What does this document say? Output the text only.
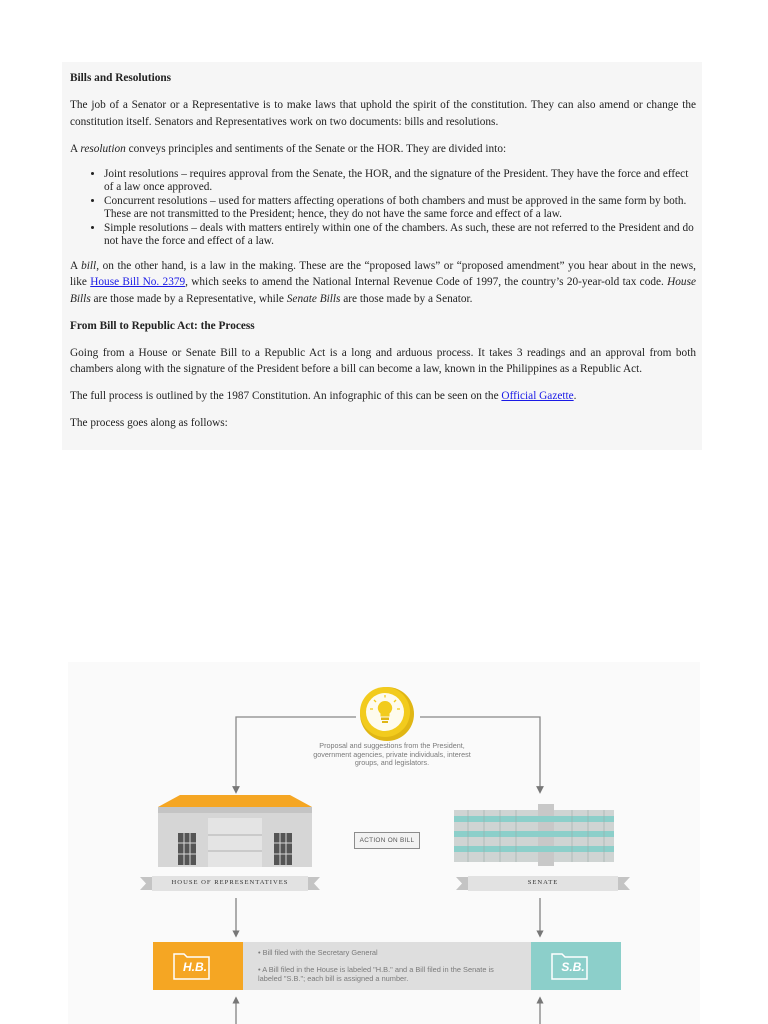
Bills and Resolutions

The job of a Senator or a Representative is to make laws that uphold the spirit of the constitution. They can also amend or change the constitution itself. Senators and Representatives work on two documents: bills and resolutions.

A resolution conveys principles and sentiments of the Senate or the HOR. They are divided into:

• Joint resolutions – requires approval from the Senate, the HOR, and the signature of the President. They have the force and effect of a law once approved.
• Concurrent resolutions – used for matters affecting operations of both chambers and must be approved in the same form by both. These are not transmitted to the President; hence, they do not have the same force and effect of a law.
• Simple resolutions – deals with matters entirely within one of the chambers. As such, these are not referred to the President and do not have the force and effect of a law.

A bill, on the other hand, is a law in the making. These are the “proposed laws” or “proposed amendment” you hear about in the news, like House Bill No. 2379, which seeks to amend the National Internal Revenue Code of 1997, the country’s 20-year-old tax code. House Bills are those made by a Representative, while Senate Bills are those made by a Senator.

From Bill to Republic Act: the Process

Going from a House or Senate Bill to a Republic Act is a long and arduous process. It takes 3 readings and an approval from both chambers along with the signature of the President before a bill can become a law, known in the Philippines as a Republic Act.

The full process is outlined by the 1987 Constitution. An infographic of this can be seen on the Official Gazette.

The process goes along as follows:

Proposal and suggestions from the President, government agencies, private individuals, interest groups, and legislators.
ACTION ON BILL
HOUSE OF REPRESENTATIVES	SENATE
H.B.	S.B.
• Bill filed with the Secretary General
• A Bill filed in the House is labeled "H.B." and a Bill filed in the Senate is labeled "S.B."; each bill is assigned a number.
